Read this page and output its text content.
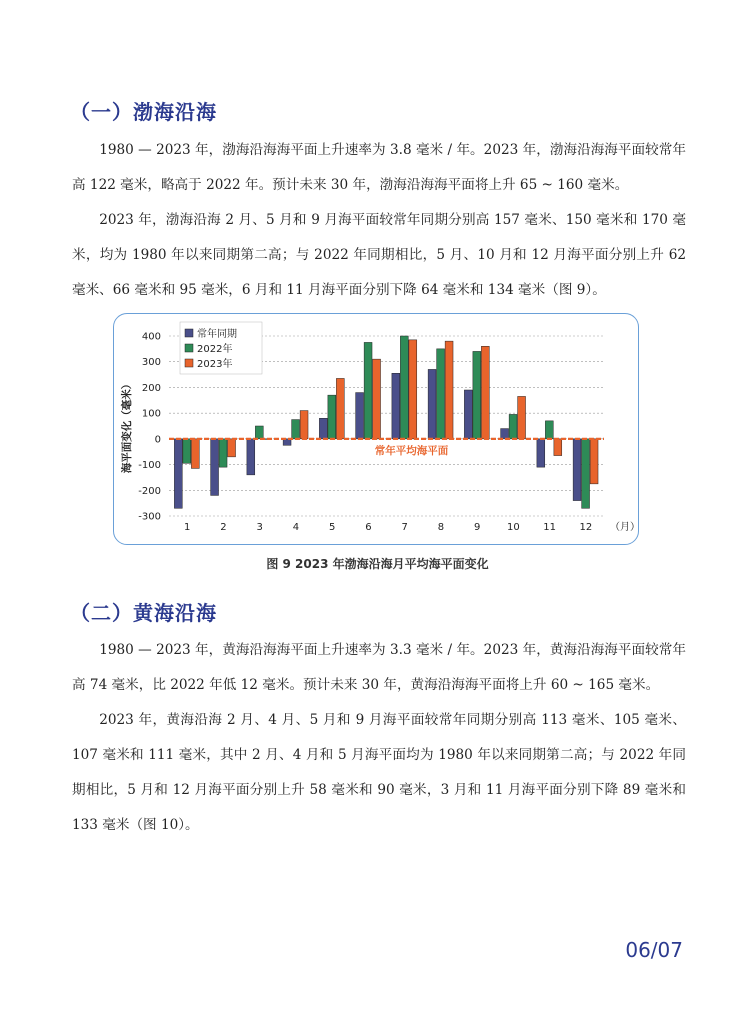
（一）渤海沿海

1980 — 2023 年，渤海沿海海平面上升速率为 3.8 毫米 / 年。2023 年，渤海沿海海平面较常年高 122 毫米，略高于 2022 年。预计未来 30 年，渤海沿海海平面将上升 65 ~ 160 毫米。

2023 年，渤海沿海 2 月、5 月和 9 月海平面较常年同期分别高 157 毫米、150 毫米和 170 毫米，均为 1980 年以来同期第二高；与 2022 年同期相比，5 月、10 月和 12 月海平面分别上升 62 毫米、66 毫米和 95 毫米，6 月和 11 月海平面分别下降 64 毫米和 134 毫米（图 9）。

400
300
200
100
0
-100
-200
-300
海平面变化（毫米）
1	2	3	4	5	6	7	8	9	10 11 12 （月）
常年平均海平面
常年同期
2022年
2023年
图 9 2023 年渤海沿海月平均海平面变化
（二）黄海沿海

1980 — 2023 年，黄海沿海海平面上升速率为 3.3 毫米 / 年。2023 年，黄海沿海海平面较常年高 74 毫米，比 2022 年低 12 毫米。预计未来 30 年，黄海沿海海平面将上升 60 ~ 165 毫米。

2023 年，黄海沿海 2 月、4 月、5 月和 9 月海平面较常年同期分别高 113 毫米、105 毫米、107 毫米和 111 毫米，其中 2 月、4 月和 5 月海平面均为 1980 年以来同期第二高；与 2022 年同期相比，5 月和 12 月海平面分别上升 58 毫米和 90 毫米，3 月和 11 月海平面分别下降 89 毫米和 133 毫米（图 10）。

06/07
